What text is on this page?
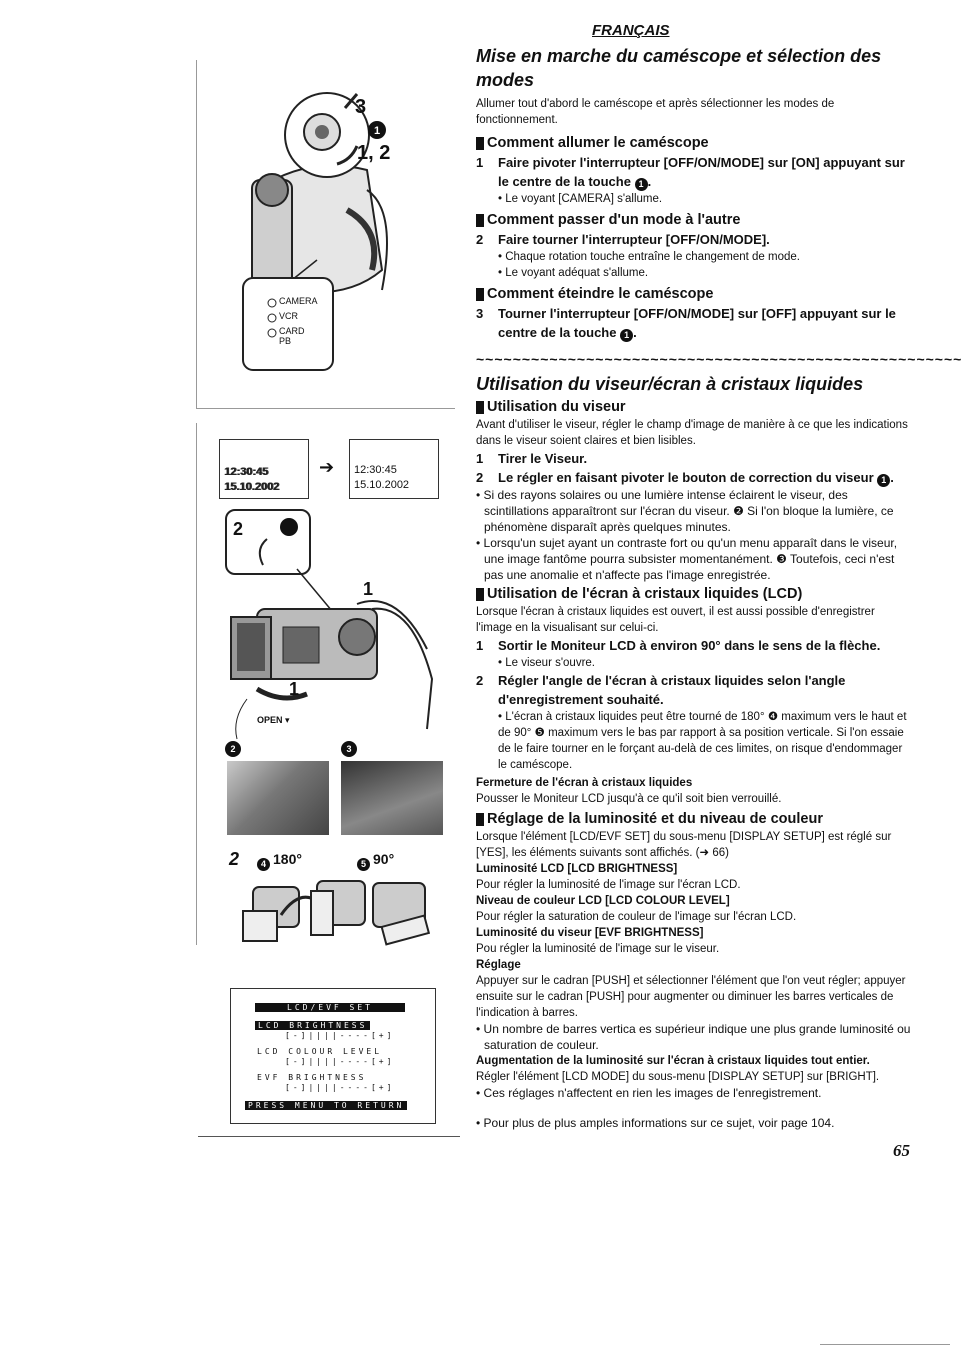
FRANÇAIS
1
3
1, 2
CAMERA
VCR
CARD
PB
12:30:45
15.10.2002
➔ 12:30:45
15.10.2002
2
1
1
OPEN ▾
2	3
2	4 180°	5 90°
LCD/EVF SET
LCD BRIGHTNESS
[-]||||----[+]
LCD COLOUR LEVEL
[-]||||----[+]
EVF BRIGHTNESS
[-]||||----[+]
PRESS MENU TO RETURN
Mise en marche du caméscope et sélection des modes

Allumer tout d'abord le caméscope et après sélectionner les modes de fonctionnement.

Comment allumer le caméscope
1	Faire pivoter l'interrupteur [OFF/ON/MODE] sur [ON] appuyant sur le centre de la touche 1 .

• Le voyant [CAMERA] s'allume.

Comment passer d'un mode à l'autre
2	Faire tourner l'interrupteur [OFF/ON/MODE].

• Chaque rotation touche entraîne le changement de mode.

• Le voyant adéquat s'allume.

Comment éteindre le caméscope
3	Tourner l'interrupteur [OFF/ON/MODE] sur [OFF] appuyant sur le centre de la touche 1 .
~~~~~~~~~~~~~~~~~~~~~~~~~~~~~~~~~~~~~~~~~~~~~~~~~~~~~
Utilisation du viseur/écran à cristaux liquides
Utilisation du viseur

Avant d'utiliser le viseur, régler le champ d'image de manière à ce que les indications dans le viseur soient claires et bien lisibles.

1	Tirer le Viseur.
2	Le régler en faisant pivoter le bouton de correction du viseur 1 .

• Si des rayons solaires ou une lumière intense éclairent le viseur, des scintillations apparaîtront sur l'écran du viseur. ❷ Si l'on bloque la lumière, ce phénomène disparaît après quelques minutes.

• Lorsqu'un sujet ayant un contraste fort ou qu'un menu apparaît dans le viseur, une image fantôme pourra subsister momentanément. ❸ Toutefois, ceci n'est pas une anomalie et n'affecte pas l'image enregistrée.

Utilisation de l'écran à cristaux liquides (LCD)

Lorsque l'écran à cristaux liquides est ouvert, il est aussi possible d'enregistrer l'image en la visualisant sur celui-ci.

1	Sortir le Moniteur LCD à environ 90° dans le sens de la flèche.

• Le viseur s'ouvre.

2	Régler l'angle de l'écran à cristaux liquides selon l'angle d'enregistrement souhaité.

• L'écran à cristaux liquides peut être tourné de 180° ❹ maximum vers le haut et de 90° ❺ maximum vers le bas par rapport à sa position verticale. Si l'on essaie de le faire tourner en le forçant au-delà de ces limites, on risque d'endommager le caméscope.

Fermeture de l'écran à cristaux liquides

Pousser le Moniteur LCD jusqu'à ce qu'il soit bien verrouillé.

Réglage de la luminosité et du niveau de couleur

Lorsque l'élément [LCD/EVF SET] du sous-menu [DISPLAY SETUP] est réglé sur [YES], les éléments suivants sont affichés. (➜ 66)

Luminosité LCD [LCD BRIGHTNESS]

Pour régler la luminosité de l'image sur l'écran LCD.

Niveau de couleur LCD [LCD COLOUR LEVEL]

Pour régler la saturation de couleur de l'image sur l'écran LCD.

Luminosité du viseur [EVF BRIGHTNESS]

Pou régler la luminosité de l'image sur le viseur.

Réglage

Appuyer sur le cadran [PUSH] et sélectionner l'élément que l'on veut régler; appuyer ensuite sur le cadran [PUSH] pour augmenter ou diminuer les barres verticales de l'indication à barres.

• Un nombre de barres vertica es supérieur indique une plus grande luminosité ou saturation de couleur.

Augmentation de la luminosité sur l'écran à cristaux liquides tout entier.

Régler l'élément [LCD MODE] du sous-menu [DISPLAY SETUP] sur [BRIGHT].

• Ces réglages n'affectent en rien les images de l'enregistrement.

• Pour plus de plus amples informations sur ce sujet, voir page 104.

65
